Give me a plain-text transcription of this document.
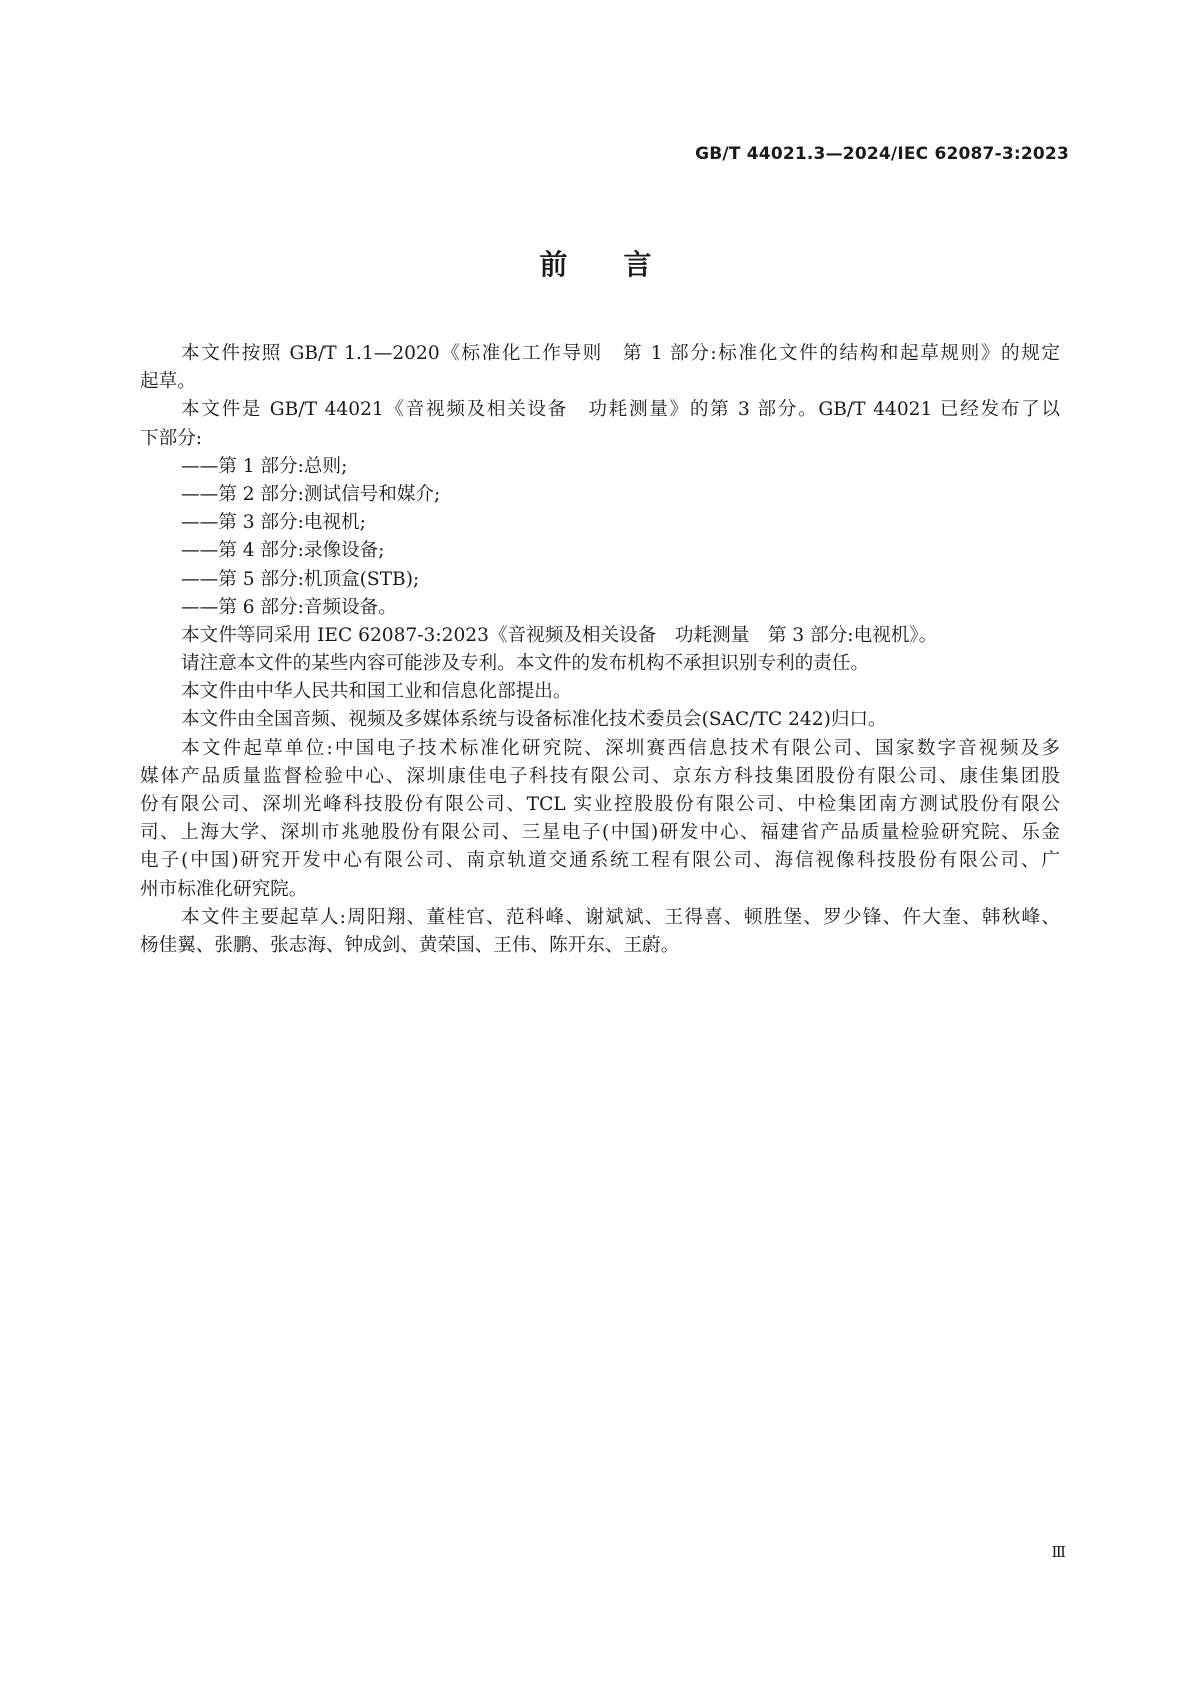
GB/T 44021.3—2024/IEC 62087-3:2023
前言
本文件按照 GB/T 1.1—2020《标准化工作导则　第 1 部分:标准化文件的结构和起草规则》的规定
起草。
本文件是 GB/T 44021《音视频及相关设备　功耗测量》的第 3 部分。GB/T 44021 已经发布了以
下部分:
——第 1 部分:总则;
——第 2 部分:测试信号和媒介;
——第 3 部分:电视机;
——第 4 部分:录像设备;
——第 5 部分:机顶盒(STB);
——第 6 部分:音频设备。
本文件等同采用 IEC 62087-3:2023《音视频及相关设备　功耗测量　第 3 部分:电视机》。
请注意本文件的某些内容可能涉及专利。本文件的发布机构不承担识别专利的责任。
本文件由中华人民共和国工业和信息化部提出。
本文件由全国音频、视频及多媒体系统与设备标准化技术委员会(SAC/TC 242)归口。
本文件起草单位:中国电子技术标准化研究院、深圳赛西信息技术有限公司、国家数字音视频及多
媒体产品质量监督检验中心、深圳康佳电子科技有限公司、京东方科技集团股份有限公司、康佳集团股
份有限公司、深圳光峰科技股份有限公司、TCL 实业控股股份有限公司、中检集团南方测试股份有限公
司、上海大学、深圳市兆驰股份有限公司、三星电子(中国)研发中心、福建省产品质量检验研究院、乐金
电子(中国)研究开发中心有限公司、南京轨道交通系统工程有限公司、海信视像科技股份有限公司、广
州市标准化研究院。
本文件主要起草人:周阳翔、董桂官、范科峰、谢斌斌、王得喜、顿胜堡、罗少锋、仵大奎、韩秋峰、
杨佳翼、张鹏、张志海、钟成剑、黄荣国、王伟、陈开东、王蔚。
Ⅲ
